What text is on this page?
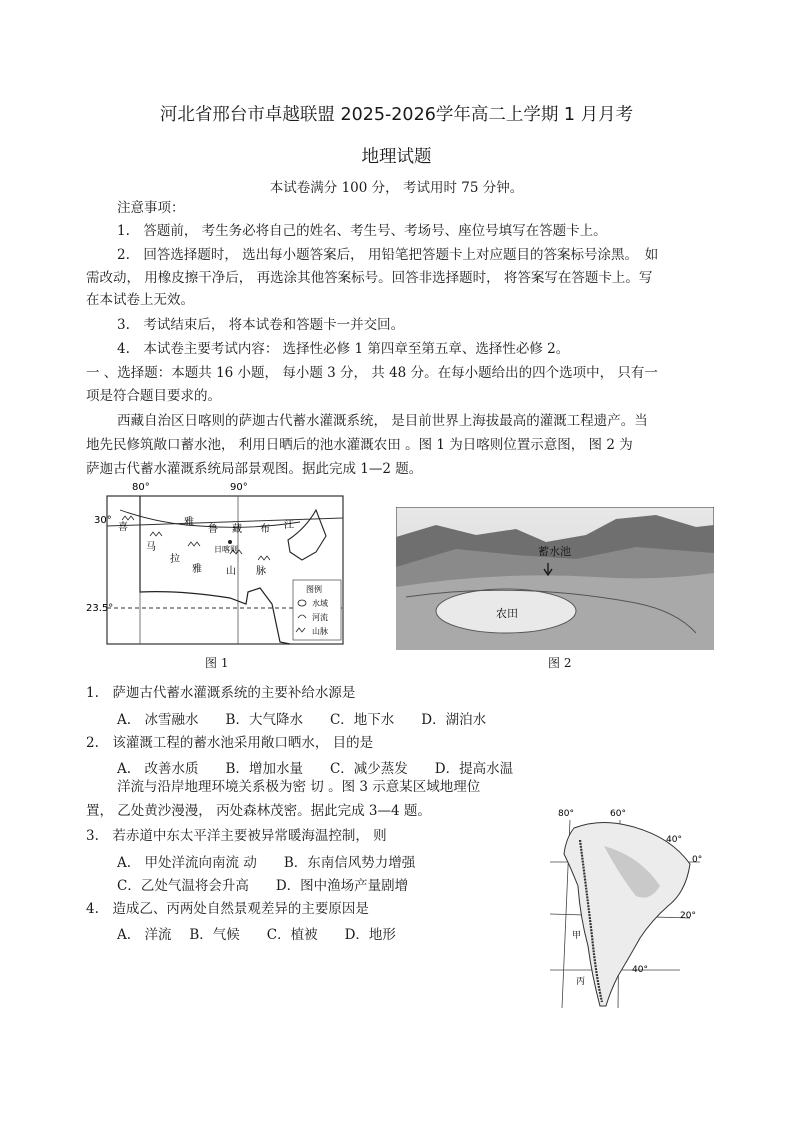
河北省邢台市卓越联盟 2025-2026学年高二上学期 1 月月考
地理试题
本试卷满分 100 分， 考试用时 75 分钟。
注意事项：
1.　答题前， 考生务必将自己的姓名、考生号、考场号、座位号填写在答题卡上。
2.　回答选择题时， 选出每小题答案后， 用铅笔把答题卡上对应题目的答案标号涂黑。　如
需改动， 用橡皮擦干净后， 再选涂其他答案标号。回答非选择题时， 将答案写在答题卡上。写
在本试卷上无效。
3.　考试结束后， 将本试卷和答题卡一并交回。
4.　本试卷主要考试内容： 选择性必修 1 第四章至第五章、选择性必修 2。
一 、选择题：本题共 16 小题， 每小题 3 分， 共 48 分。在每小题给出的四个选项中， 只有一
项是符合题目要求的。
西藏自治区日喀则的萨迦古代蓄水灌溉系统， 是目前世界上海拔最高的灌溉工程遗产。当
地先民修筑敞口蓄水池， 利用日晒后的池水灌溉农田 。图 1 为日喀则位置示意图， 图 2 为
萨迦古代蓄水灌溉系统局部景观图。据此完成 1—2 题。
80°	90°
30°
23.5°
雅
鲁 藏 布 江
喜
马
拉
雅 山 脉
日喀则
图例
水域
河流
山脉
图 1
蓄水池
农田
图 2
1.　萨迦古代蓄水灌溉系统的主要补给水源是
A.　冰雪融水　　B．大气降水　　C．地下水　　D．湖泊水
2.　该灌溉工程的蓄水池采用敞口晒水， 目的是
A.　改善水质　　B．增加水量　　C．减少蒸发　　D．提高水温
洋流与沿岸地理环境关系极为密 切 。图 3 示意某区域地理位
置， 乙处黄沙漫漫， 丙处森林茂密。据此完成 3—4 题。
3.　若赤道中东太平洋主要被异常暖海温控制， 则
A.　甲处洋流向南流 动　　B．东南信风势力增强
C．乙处气温将会升高　　D．图中渔场产量剧增
4.　造成乙、丙两处自然景观差异的主要原因是
A.　洋流　 B．气候　　C．植被　　D．地形
80°	60°
40°
0°
20°
40°
甲
丙
